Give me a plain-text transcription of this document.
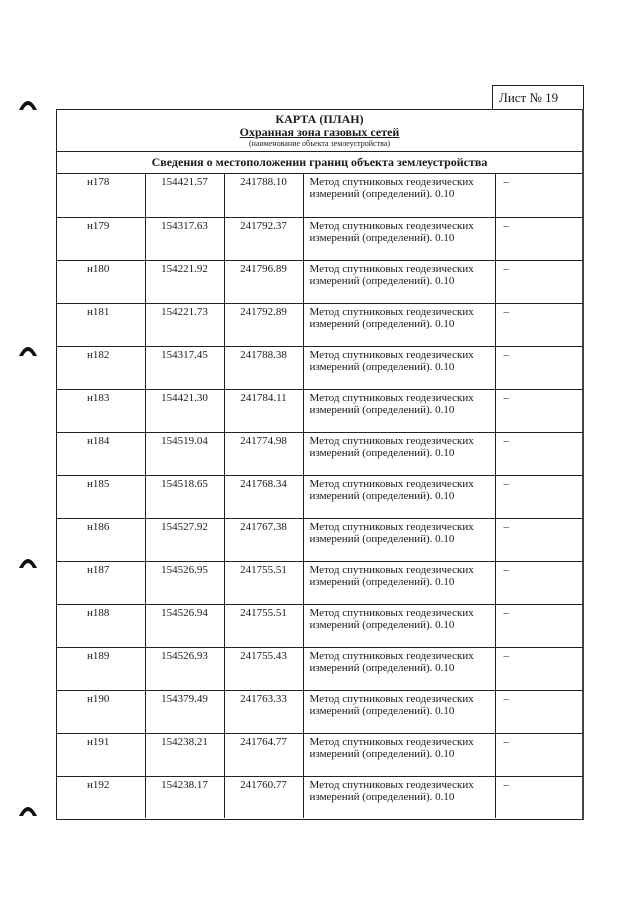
Лист № 19
КАРТА (ПЛАН)
Охранная зона газовых сетей
(наименование объекта землеустройства)
Сведения о местоположении границ объекта землеустройства
н178	154421.57	241788.10	Метод спутниковых геодезических измерений (определений). 0.10	–
н179	154317.63	241792.37	Метод спутниковых геодезических измерений (определений). 0.10	–
н180	154221.92	241796.89	Метод спутниковых геодезических измерений (определений). 0.10	–
н181	154221.73	241792.89	Метод спутниковых геодезических измерений (определений). 0.10	–
н182	154317.45	241788.38	Метод спутниковых геодезических измерений (определений). 0.10	–
н183	154421.30	241784.11	Метод спутниковых геодезических измерений (определений). 0.10	–
н184	154519.04	241774.98	Метод спутниковых геодезических измерений (определений). 0.10	–
н185	154518.65	241768.34	Метод спутниковых геодезических измерений (определений). 0.10	–
н186	154527.92	241767.38	Метод спутниковых геодезических измерений (определений). 0.10	–
н187	154526.95	241755.51	Метод спутниковых геодезических измерений (определений). 0.10	–
н188	154526.94	241755.51	Метод спутниковых геодезических измерений (определений). 0.10	–
н189	154526.93	241755.43	Метод спутниковых геодезических измерений (определений). 0.10	–
н190	154379.49	241763.33	Метод спутниковых геодезических измерений (определений). 0.10	–
н191	154238.21	241764.77	Метод спутниковых геодезических измерений (определений). 0.10	–
н192	154238.17	241760.77	Метод спутниковых геодезических измерений (определений). 0.10	–
